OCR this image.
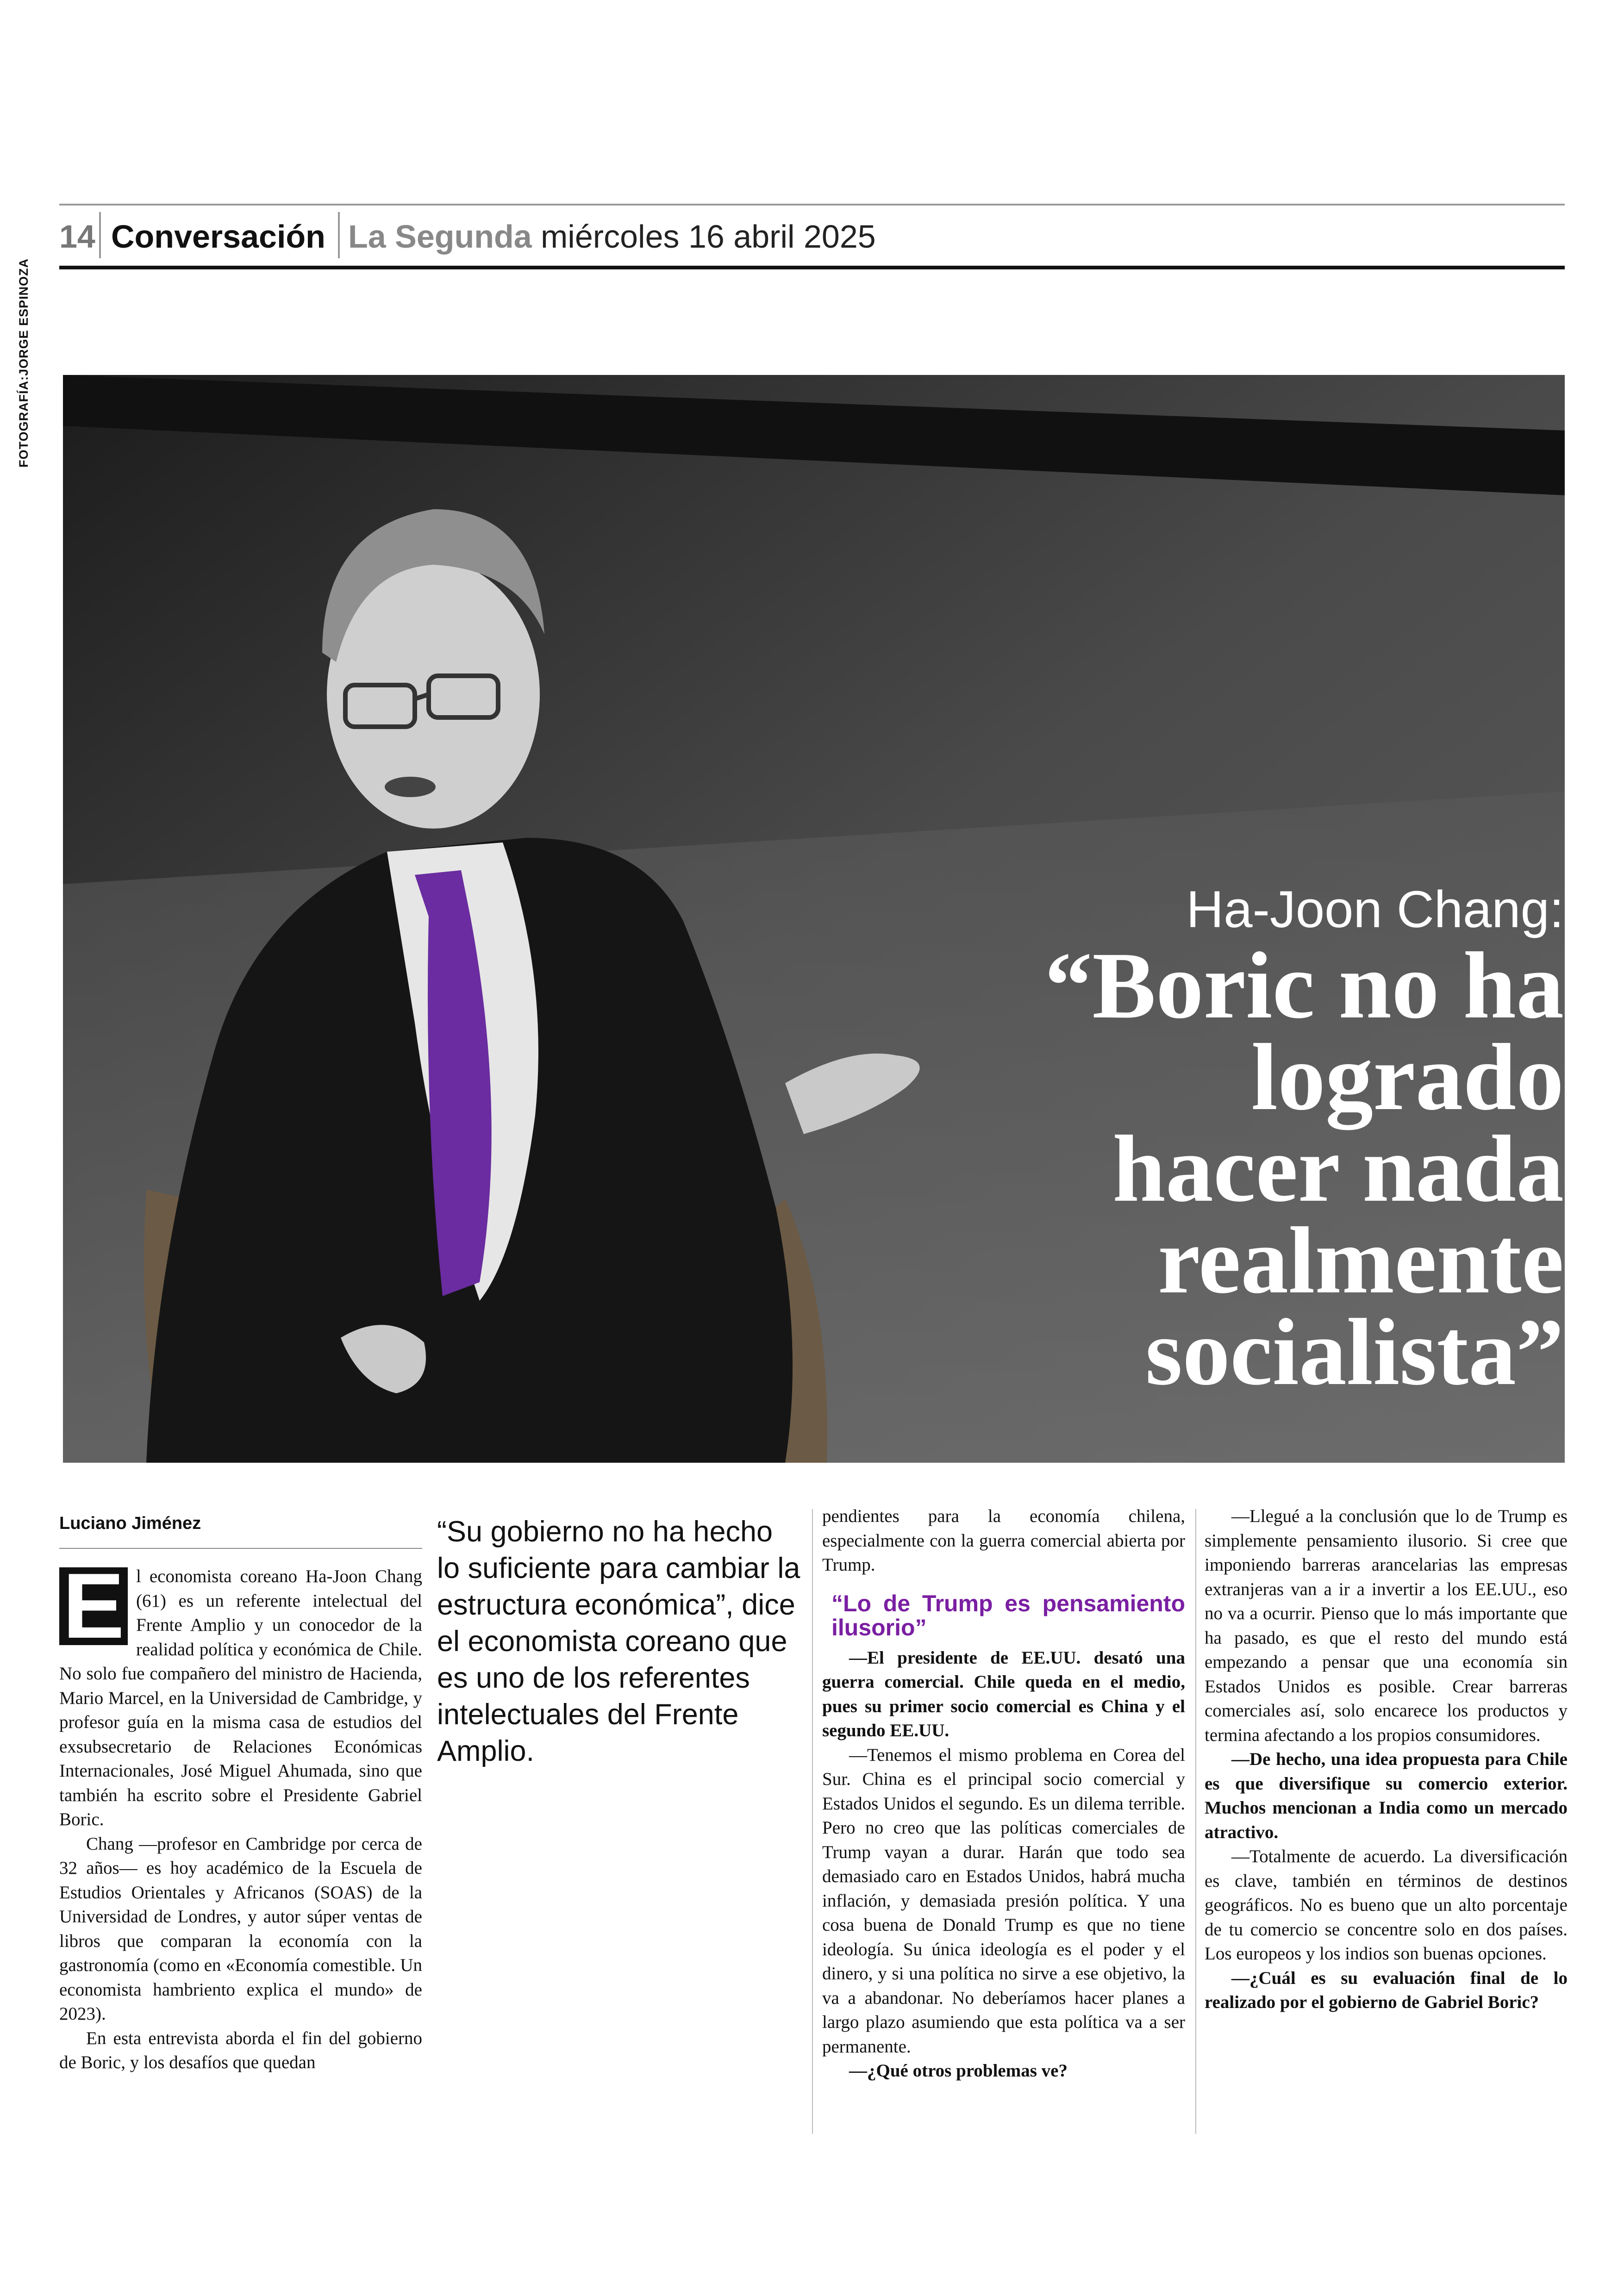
14 Conversación La Segunda miércoles 16 abril 2025
FOTOGRAFÍA:JORGE ESPINOZA
Ha-Joon Chang:
“Boric no ha
logrado
hacer nada
realmente
socialista”
Luciano Jiménez
E l economista coreano Ha-Joon Chang (61) es un referente intelectual del Frente Amplio y un conocedor de la realidad política y económica de Chile. No solo fue compañero del ministro de Hacienda, Mario Marcel, en la Universidad de Cambridge, y profesor guía en la misma casa de estudios del exsubsecretario de Relaciones Económicas Internacionales, José Miguel Ahumada, sino que también ha escrito sobre el Presidente Gabriel Boric.

Chang —profesor en Cambridge por cerca de 32 años— es hoy académico de la Escuela de Estudios Orientales y Africanos (SOAS) de la Universidad de Londres, y autor súper ventas de libros que comparan la economía con la gastronomía (como en «Economía comestible. Un economista hambriento explica el mundo» de 2023).

En esta entrevista aborda el fin del gobierno de Boric, y los desafíos que quedan

“Su gobierno no ha hecho lo suficiente para cambiar la estructura económica”, dice el economista coreano que es uno de los referentes intelectuales del Frente Amplio.

pendientes para la economía chilena, especialmente con la guerra comercial abierta por Trump.

“Lo de Trump es pensamiento ilusorio”

—El presidente de EE.UU. desató una guerra comercial. Chile queda en el medio, pues su primer socio comercial es China y el segundo EE.UU.

—Tenemos el mismo problema en Corea del Sur. China es el principal socio comercial y Estados Unidos el segundo. Es un dilema terrible. Pero no creo que las políticas comerciales de Trump vayan a durar. Harán que todo sea demasiado caro en Estados Unidos, habrá mucha inflación, y demasiada presión política. Y una cosa buena de Donald Trump es que no tiene ideología. Su única ideología es el poder y el dinero, y si una política no sirve a ese objetivo, la va a abandonar. No deberíamos hacer planes a largo plazo asumiendo que esta política va a ser permanente.

—¿Qué otros problemas ve?

—Llegué a la conclusión que lo de Trump es simplemente pensamiento ilusorio. Si cree que imponiendo barreras arancelarias las empresas extranjeras van a ir a invertir a los EE.UU., eso no va a ocurrir. Pienso que lo más importante que ha pasado, es que el resto del mundo está empezando a pensar que una economía sin Estados Unidos es posible. Crear barreras comerciales así, solo encarece los productos y termina afectando a los propios consumidores.

—De hecho, una idea propuesta para Chile es que diversifique su comercio exterior. Muchos mencionan a India como un mercado atractivo.

—Totalmente de acuerdo. La diversificación es clave, también en términos de destinos geográficos. No es bueno que un alto porcentaje de tu comercio se concentre solo en dos países. Los europeos y los indios son buenas opciones.

—¿Cuál es su evaluación final de lo realizado por el gobierno de Gabriel Boric?
